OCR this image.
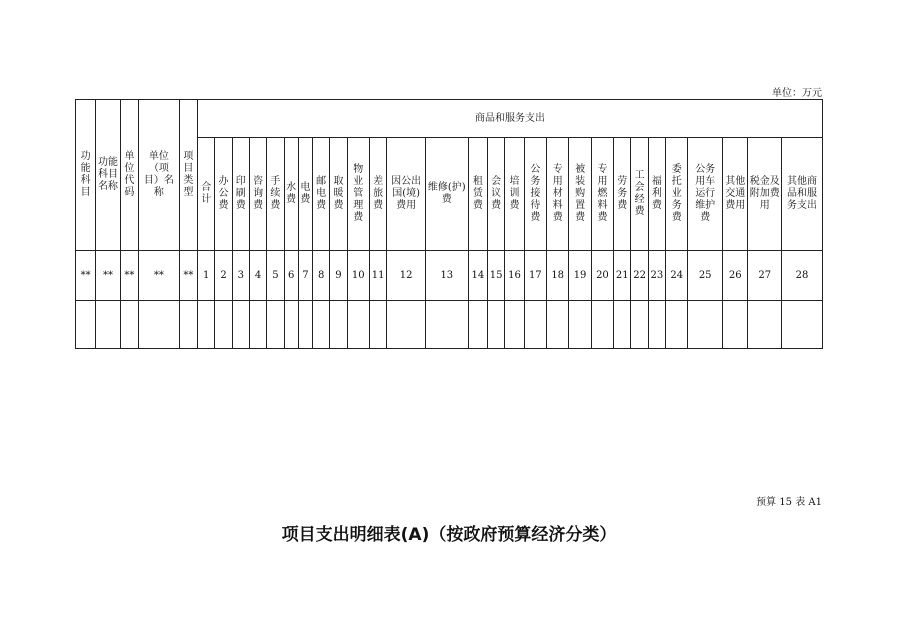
单位：万元
功能科目	功能科目名称	单位代码	单位（项目）名称	项目类型	商品和服务支出																											
					合计	办公费	印刷费	咨询费	手续费	水费	电费	邮电费	取暖费	物业管理费	差旅费	因公出国(境)费用	维修(护)费	租赁费	会议费	培训费	公务接待费	专用材料费	被装购置费	专用燃料费	劳务费	工会经费	福利费	委托业务费	公务用车运行维护费	其他交通费用	税金及附加费用	其他商品和服务支出
**	**	**	**	**	1	2	3	4	5	6	7	8	9	10	11	12	13	14	15	16	17	18	19	20	21	22	23	24	25	26	27	28

预算 15 表 A1
项目支出明细表(A)（按政府预算经济分类）
